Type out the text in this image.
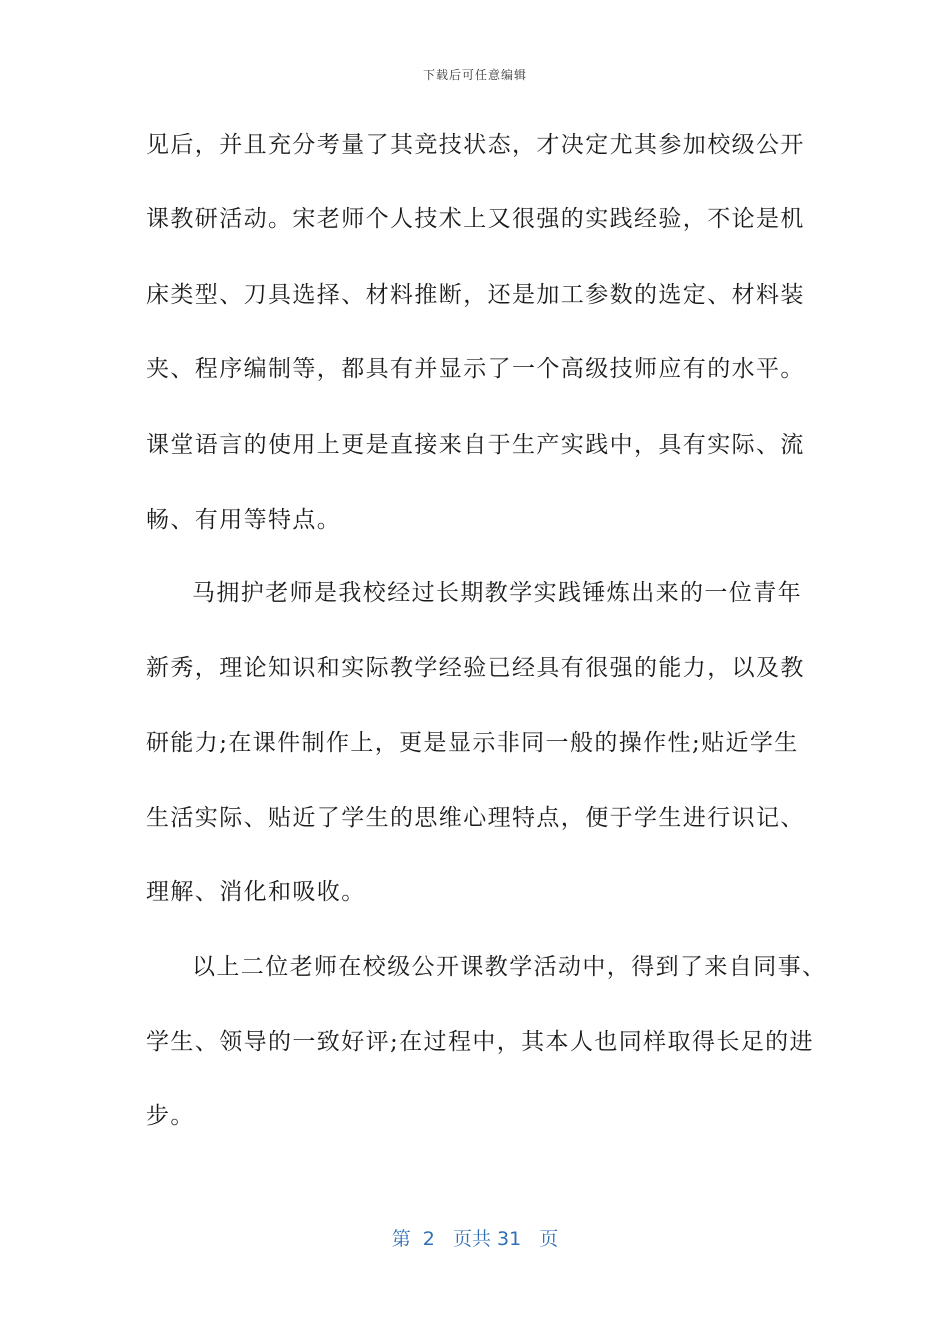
下载后可任意编辑
见后，并且充分考量了其竞技状态，才决定尤其参加校级公开
课教研活动。宋老师个人技术上又很强的实践经验，不论是机
床类型、刀具选择、材料推断，还是加工参数的选定、材料装
夹、程序编制等，都具有并显示了一个高级技师应有的水平。
课堂语言的使用上更是直接来自于生产实践中，具有实际、流
畅、有用等特点。
马拥护老师是我校经过长期教学实践锤炼出来的一位青年
新秀，理论知识和实际教学经验已经具有很强的能力，以及教
研能力;在课件制作上，更是显示非同一般的操作性;贴近学生
生活实际、贴近了学生的思维心理特点，便于学生进行识记、
理解、消化和吸收。
以上二位老师在校级公开课教学活动中，得到了来自同事、
学生、领导的一致好评;在过程中，其本人也同样取得长足的进
步。
第  2   页共 31   页
